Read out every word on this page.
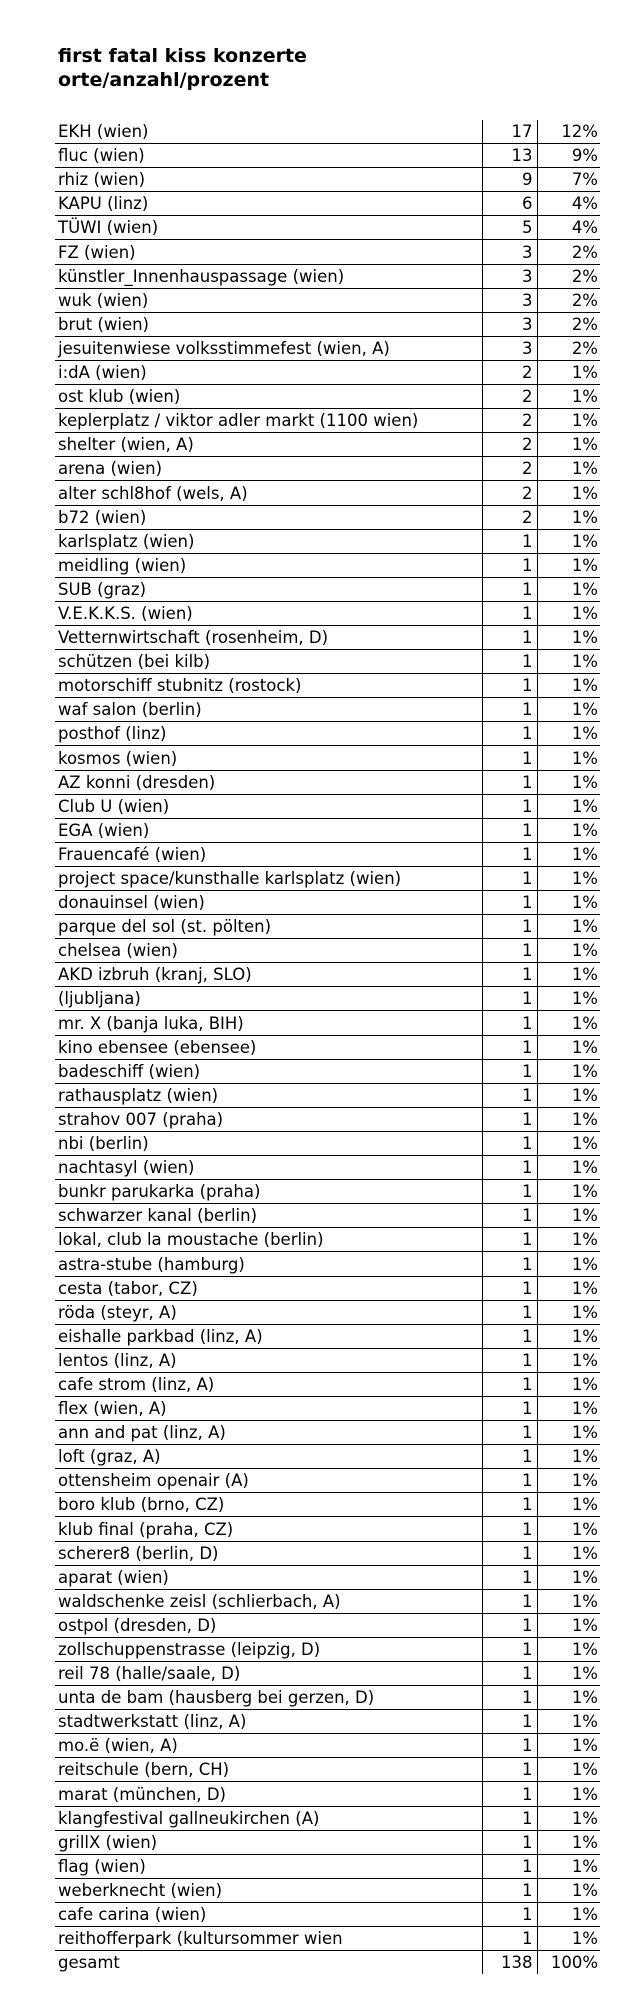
first fatal kiss konzerte
orte/anzahl/prozent
EKH (wien)	17	12%
fluc (wien)	13	9%
rhiz (wien)	9	7%
KAPU (linz)	6	4%
TÜWI (wien)	5	4%
FZ (wien)	3	2%
künstler_Innenhauspassage (wien)	3	2%
wuk (wien)	3	2%
brut (wien)	3	2%
jesuitenwiese volksstimmefest (wien, A)	3	2%
i:dA (wien)	2	1%
ost klub (wien)	2	1%
keplerplatz / viktor adler markt (1100 wien)	2	1%
shelter (wien, A)	2	1%
arena (wien)	2	1%
alter schl8hof (wels, A)	2	1%
b72 (wien)	2	1%
karlsplatz (wien)	1	1%
meidling (wien)	1	1%
SUB (graz)	1	1%
V.E.K.K.S. (wien)	1	1%
Vetternwirtschaft (rosenheim, D)	1	1%
schützen (bei kilb)	1	1%
motorschiff stubnitz (rostock)	1	1%
waf salon (berlin)	1	1%
posthof (linz)	1	1%
kosmos (wien)	1	1%
AZ konni (dresden)	1	1%
Club U (wien)	1	1%
EGA (wien)	1	1%
Frauencafé (wien)	1	1%
project space/kunsthalle karlsplatz (wien)	1	1%
donauinsel (wien)	1	1%
parque del sol (st. pölten)	1	1%
chelsea (wien)	1	1%
AKD izbruh (kranj, SLO)	1	1%
(ljubljana)	1	1%
mr. X (banja luka, BIH)	1	1%
kino ebensee (ebensee)	1	1%
badeschiff (wien)	1	1%
rathausplatz (wien)	1	1%
strahov 007 (praha)	1	1%
nbi (berlin)	1	1%
nachtasyl (wien)	1	1%
bunkr parukarka (praha)	1	1%
schwarzer kanal (berlin)	1	1%
lokal, club la moustache (berlin)	1	1%
astra-stube (hamburg)	1	1%
cesta (tabor, CZ)	1	1%
röda (steyr, A)	1	1%
eishalle parkbad (linz, A)	1	1%
lentos (linz, A)	1	1%
cafe strom (linz, A)	1	1%
flex (wien, A)	1	1%
ann and pat (linz, A)	1	1%
loft (graz, A)	1	1%
ottensheim openair (A)	1	1%
boro klub (brno, CZ)	1	1%
klub final (praha, CZ)	1	1%
scherer8 (berlin, D)	1	1%
aparat (wien)	1	1%
waldschenke zeisl (schlierbach, A)	1	1%
ostpol (dresden, D)	1	1%
zollschuppenstrasse (leipzig, D)	1	1%
reil 78 (halle/saale, D)	1	1%
unta de bam (hausberg bei gerzen, D)	1	1%
stadtwerkstatt (linz, A)	1	1%
mo.ë (wien, A)	1	1%
reitschule (bern, CH)	1	1%
marat (münchen, D)	1	1%
klangfestival gallneukirchen (A)	1	1%
grillX (wien)	1	1%
flag (wien)	1	1%
weberknecht (wien)	1	1%
cafe carina (wien)	1	1%
reithofferpark (kultursommer wien	1	1%
gesamt	138	100%
